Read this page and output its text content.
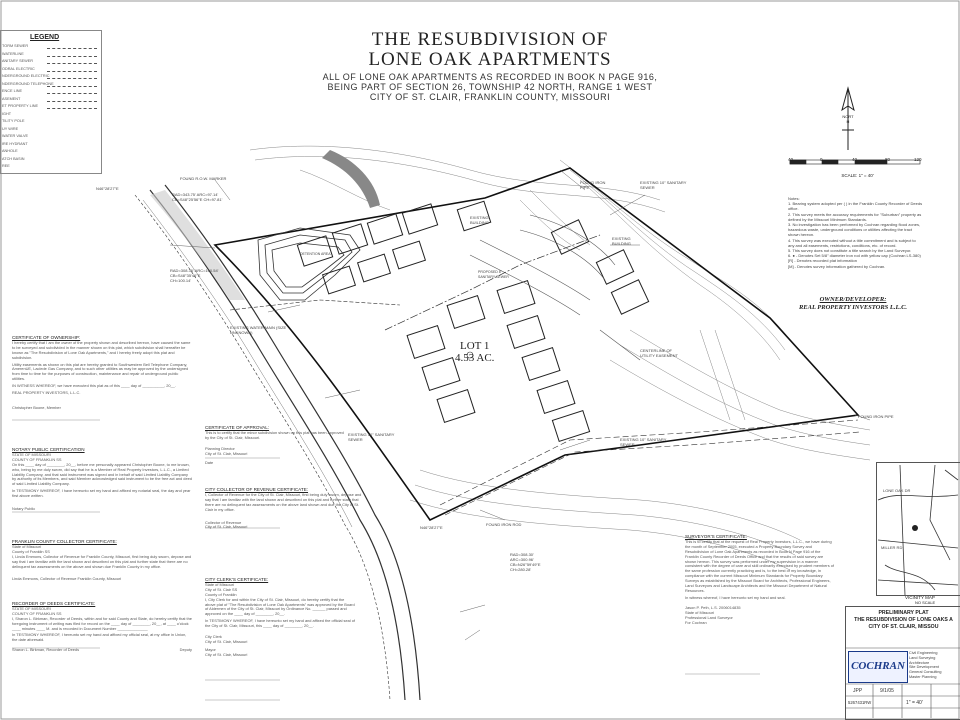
THE RESUBDIVISION OF
LONE OAK APARTMENTS
ALL OF LONE OAK APARTMENTS AS RECORDED IN BOOK N PAGE 916,
BEING PART OF SECTION 26, TOWNSHIP 42 NORTH, RANGE 1 WEST
CITY OF ST. CLAIR, FRANKLIN COUNTY, MISSOURI
LEGEND
TORM SEWER
WATERLINE
ANITARY SEWER
ODRAL ELECTRIC
NDERGROUND ELECTRIC
NDERGROUND TELEPHONE
ENCE LINE
ASEMENT
ET PROPERTY LINE
IGHT
TILITY POLE
UY WIRE
WATER VALVE
IRE HYDRANT
ANHOLE
ATCH BASIN
REE
NORTH
40	0	40	80	120
SCALE: 1" = 40'
Notes:
1. Bearing system adopted per ( ) in the Franklin County Recorder of Deeds office.
2. This survey meets the accuracy requirements for "Suburban" property as defined by the Missouri Minimum Standards.
3. No investigation has been performed by Cochran regarding flood zones, hazardous waste, underground conditions or utilities affecting the tract shown hereon.
4. This survey was executed without a title commitment and is subject to any and all easements, restrictions, conditions, etc. of record.
5. This survey does not constitute a title search by the Land Surveyor.
6. ● - Denotes Set 5/8" diameter iron rod with yellow cap (Cochran LS-380)
[R] - Denotes recorded plat information
[M] - Denotes survey information gathered by Cochran.
OWNER/DEVELOPER:
REAL PROPERTY INVESTORS L.L.C.
LOT 1
4.53 AC.
FOUND R.O.W. MARKER
N46°28'27"E
RAD=343.75' ARC=97.14' CB=S48°25'56"E CH=97.81'
RAD=308.36' ARC=100.54' CB=S48°35'40"E CH=100.14'
DETENTION AREA
EXISTING WATER MAIN (SIZE UNKNOWN)
EXISTING BUILDING
EXISTING BUILDING
EXISTING 10" SANITARY SEWER
FOUND IRON PIPE
PROPOSED 8" SANITARY SEWER
EXISTING 10" SANITARY SEWER
EXISTING 10" SANITARY SEWER
FOUND IRON PIPE
FOUND IRON ROD
RAD=308.30' ARC=300.96' CB=N26°59'49"E CH=280.28'
CENTERLINE OF UTILITY EASEMENT
N46°28'27"E
CERTIFICATE OF OWNERSHIP:
I hereby certify that I am the owner of the property shown and described hereon, have caused the same to be surveyed and subdivided in the manner shown on this plat, which subdivision shall hereafter be known as "The Resubdivision of Lone Oak Apartments," and I hereby freely adopt this plat and subdivision.
Utility easements as shown on this plat are hereby granted to Southwestern Bell Telephone Company, AmerenUE, Laclede Gas Company, and to such other utilities as may be approved by the undersigned from time to time for the purposes of construction, maintenance and repair of underground public utilities.
IN WITNESS WHEREOF, we have executed this plat as of this ____ day of __________, 20__.
REAL PROPERTY INVESTORS, L.L.C.
Christopher Boone, Member
NOTARY PUBLIC CERTIFICATION
STATE OF MISSOURI
COUNTY OF FRANKLIN SS
On this ____ day of ________, 20__, before me personally appeared Christopher Boone, to me known, who, being by me duly sworn, did say that he is a Member of Real Property Investors, L.L.C., a Limited Liability Company, and that said instrument was signed and in behalf of said Limited Liability Company by authority of its Members, and said Member acknowledged said instrument to be the free act and deed of said Limited Liability Company.
In TESTIMONY WHEREOF, I have hereunto set my hand and affixed my notarial seal, the day and year first above written.
Notary Public
FRANKLIN COUNTY COLLECTOR CERTIFICATE:
State of Missouri
County of Franklin SS
I, Linda Emmons, Collector of Revenue for Franklin County, Missouri, first being duly sworn, depose and say that I am familiar with the land shown and described on this plat and further state that there are no delinquent tax assessments on the above and shown due Franklin County in my office.
Linda Emmons, Collector of Revenue Franklin County, Missouri
RECORDER OF DEEDS CERTIFICATE:
STATE OF MISSOURI
COUNTY OF FRANKLIN SS
I, Sharon L. Birkman, Recorder of Deeds, within and for said County and State, do hereby certify that the foregoing instrument of writing was filed for record on the ____ day of ________, 20__, at ____ o'clock ____ minutes ____ M. and is recorded in Document Number ______________
In TESTIMONY WHEREOF, I hereunto set my hand and affixed my official seal, at my office in Union, the date aforesaid.
Sharon L. Birkman, Recorder of Deeds	Deputy
CERTIFICATE OF APPROVAL:
This is to certify that the minor subdivision shown on this plat has been approved by the City of St. Clair, Missouri.
Planning Director
City of St. Clair, Missouri
Date
CITY COLLECTOR OF REVENUE CERTIFICATE:
I, Collector of Revenue for the City of St. Clair, Missouri, first being duly sworn, depose and say that I am familiar with the land shown and described on this plat and further state that there are no delinquent tax assessments on the above land shown and due the City of St. Clair in my office.
Collector of Revenue
City of St. Clair, Missouri
CITY CLERK'S CERTIFICATE:
State of Missouri
City of St. Clair SS
County of Franklin
I, City Clerk for and within the City of St. Clair, Missouri, do hereby certify that the above plat of "The Resubdivision of Lone Oak Apartments" was approved by the Board of Aldermen of the City of St. Clair, Missouri by Ordinance No. ______ passed and approved on the ____ day of ________, 20__.
In TESTIMONY WHEREOF, I have hereunto set my hand and affixed the official seal of the City of St. Clair, Missouri, this ____ day of ________, 20__.
City Clerk
City of St. Clair, Missouri
Mayor
City of St. Clair, Missouri
SURVEYOR'S CERTIFICATE:
This is to certify that at the request of Real Property Investors, L.L.C., we have during the month of September 2005, executed a Property Boundary Survey and Resubdivision of Lone Oak Apartments as recorded in Book N Page 916 of the Franklin County Recorder of Deeds Office and that the results of said survey are shown hereon. This survey was performed under my supervision in a manner consistent with the degree of care and skill ordinarily exercised by prudent members of the same profession currently practicing and is, to the best of my knowledge, in compliance with the current Missouri Minimum Standards for Property Boundary Surveys as established by the Missouri Board for Architects, Professional Engineers, Land Surveyors and Landscape Architects and the Missouri Department of Natural Resources.
In witness whereof, I have hereunto set my hand and seal.
Jason P. Peth, L.S. 2006014835
State of Missouri
Professional Land Surveyor
For Cochran
LONE OAK DR
MILLER RD
VICINITY MAP
NO SCALE
PRELIMINARY PLAT
THE RESUBDIVISION OF LONE OAKS A
CITY OF ST. CLAIR, MISSOU
COCHRAN
Civil Engineering
Land Surveying
Architecture
Site Development
General Consulting
Master Planning
JPP	9/1/05
5267431RW	1" = 40'
